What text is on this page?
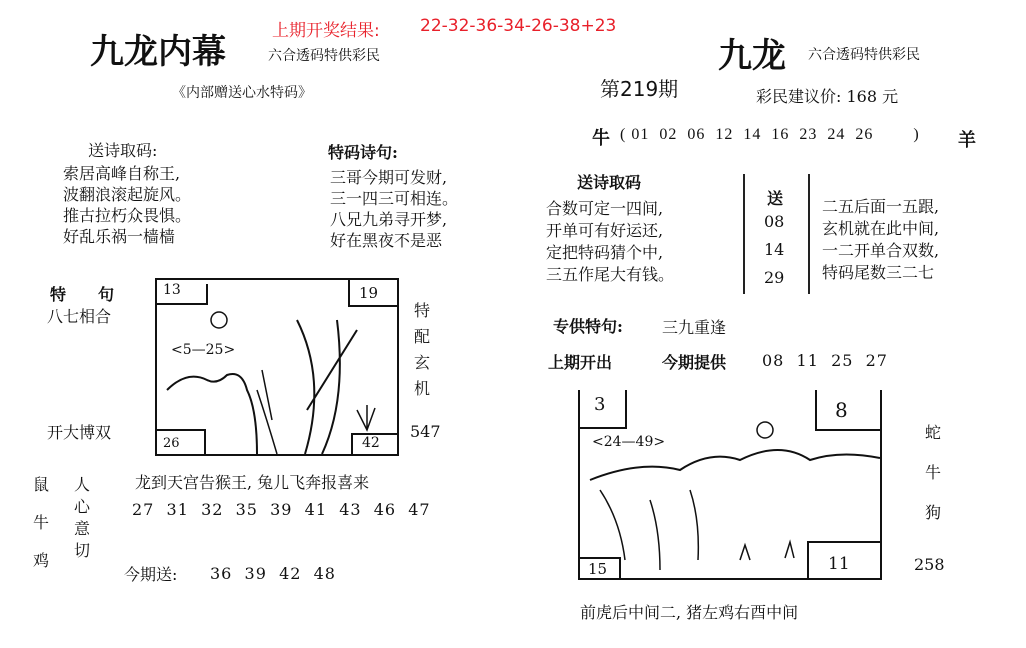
上期开奖结果: 22-32-36-34-26-38+23
九龙内幕	六合透码特供彩民
《内部赠送心水特码》
九龙 六合透码特供彩民
第219期	彩民建议价: 168 元
牛 ( 01  02  06  12  14  16  23  24  26        ) 羊
送诗取码:
索居高峰自称王,
波翻浪滚起旋风。
推古拉朽众畏惧。
好乱乐祸一樯樯
特码诗句:
三哥今期可发财,
三一四三可相连。
八兄九弟寻开梦,
好在黑夜不是恶
特　　句
八七相合
开大博双
13	19
26	42
<5—25>
特配玄机
547
鼠
牛
鸡
人心意切
龙到天宫告猴王, 兔儿飞奔报喜来
27  31  32  35  39  41  43  46  47
今期送: 36  39  42  48
送诗取码
合数可定一四间,
开单可有好运还,
定把特码猜个中,
三五作尾大有钱。
送
08
14
29
二五后面一五跟,
玄机就在此中间,
一二开单合双数,
特码尾数三二七
专供特句: 三九重逢
上期开出	今期提供 08  11  25  27
3	8
15	11
<24—49>	蛇
牛
狗
258
前虎后中间二, 猪左鸡右酉中间
